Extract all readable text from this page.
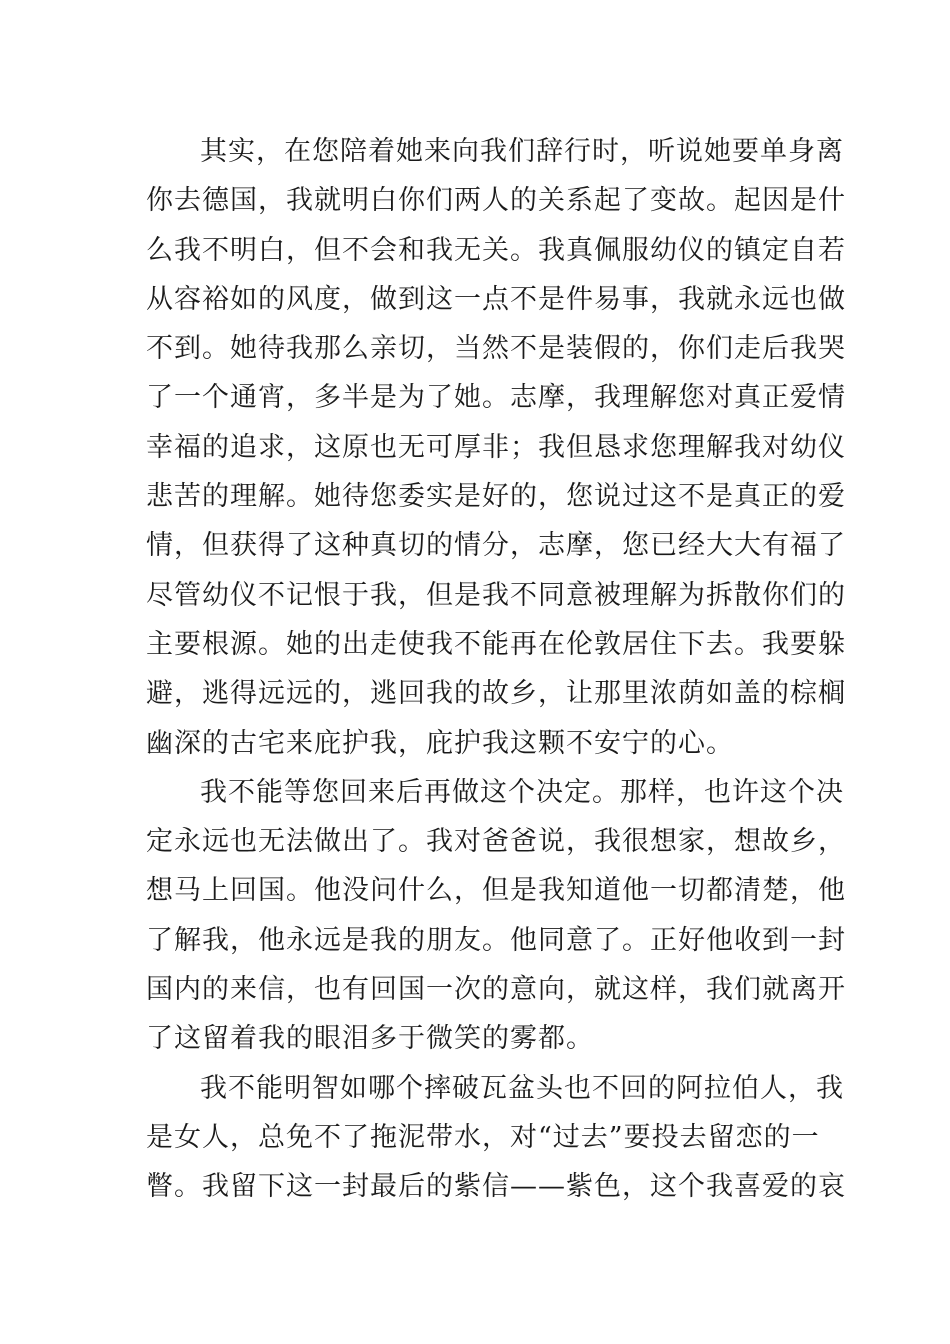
其实，在您陪着她来向我们辞行时，听说她要单身离
你去德国，我就明白你们两人的关系起了变故。起因是什
么我不明白，但不会和我无关。我真佩服幼仪的镇定自若
从容裕如的风度，做到这一点不是件易事，我就永远也做
不到。她待我那么亲切，当然不是装假的，你们走后我哭
了一个通宵，多半是为了她。志摩，我理解您对真正爱情
幸福的追求，这原也无可厚非；我但恳求您理解我对幼仪
悲苦的理解。她待您委实是好的，您说过这不是真正的爱
情，但获得了这种真切的情分，志摩，您已经大大有福了
尽管幼仪不记恨于我，但是我不同意被理解为拆散你们的
主要根源。她的出走使我不能再在伦敦居住下去。我要躲
避，逃得远远的，逃回我的故乡，让那里浓荫如盖的棕榈
幽深的古宅来庇护我，庇护我这颗不安宁的心。
我不能等您回来后再做这个决定。那样，也许这个决
定永远也无法做出了。我对爸爸说，我很想家，想故乡，
想马上回国。他没问什么，但是我知道他一切都清楚，他
了解我，他永远是我的朋友。他同意了。正好他收到一封
国内的来信，也有回国一次的意向，就这样，我们就离开
了这留着我的眼泪多于微笑的雾都。
我不能明智如哪个摔破瓦盆头也不回的阿拉伯人，我
是女人，总免不了拖泥带水，对“过去”要投去留恋的一
瞥。我留下这一封最后的紫信——紫色，这个我喜爱的哀
